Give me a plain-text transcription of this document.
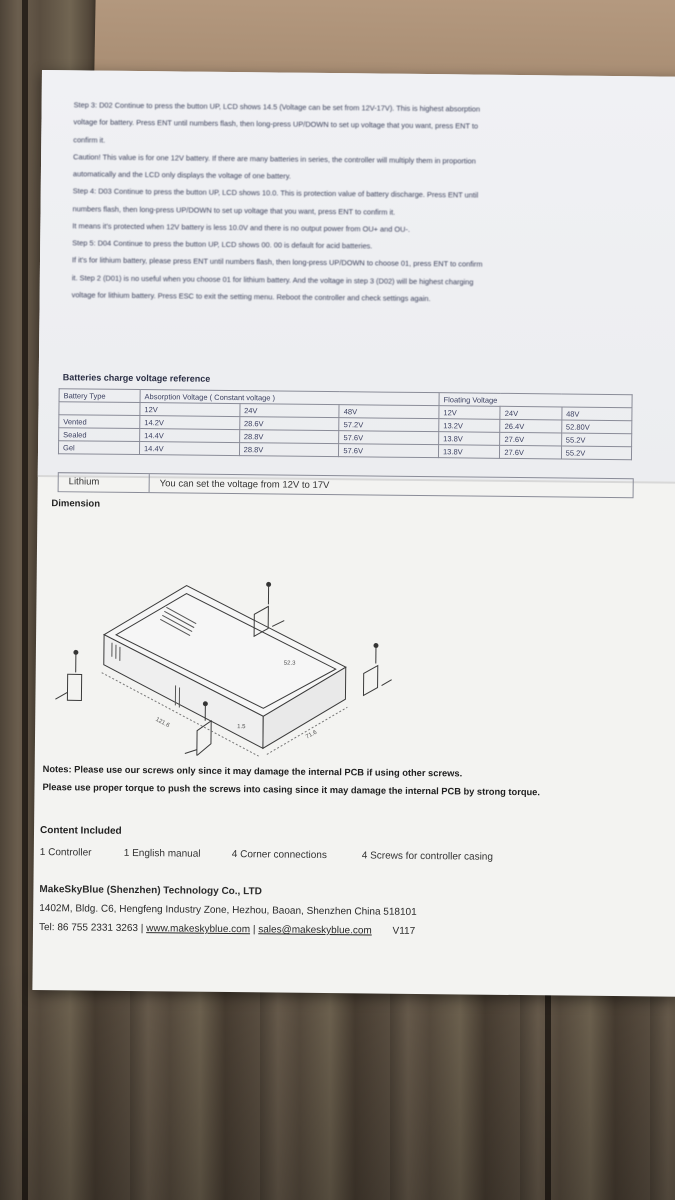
Step 3: D02 Continue to press the button UP, LCD shows 14.5 (Voltage can be set from 12V-17V). This is highest absorption

voltage for battery. Press ENT until numbers flash, then long-press UP/DOWN to set up voltage that you want, press ENT to

confirm it.

Caution! This value is for one 12V battery. If there are many batteries in series, the controller will multiply them in proportion

automatically and the LCD only displays the voltage of one battery.

Step 4: D03 Continue to press the button UP, LCD shows 10.0. This is protection value of battery discharge. Press ENT until

numbers flash, then long-press UP/DOWN to set up voltage that you want, press ENT to confirm it.

It means it's protected when 12V battery is less 10.0V and there is no output power from OU+ and OU-.

Step 5: D04 Continue to press the button UP, LCD shows 00. 00 is default for acid batteries.

If it's for lithium battery, please press ENT until numbers flash, then long-press UP/DOWN to choose 01, press ENT to confirm

it. Step 2 (D01) is no useful when you choose 01 for lithium battery. And the voltage in step 3 (D02) will be highest charging

voltage for lithium battery. Press ESC to exit the setting menu. Reboot the controller and check settings again.

Batteries charge voltage reference
Battery Type	Absorption Voltage ( Constant voltage )			Floating Voltage		
	12V	24V	48V	12V	24V	48V
Vented	14.2V	28.6V	57.2V	13.2V	26.4V	52.80V
Sealed	14.4V	28.8V	57.6V	13.8V	27.6V	55.2V
Gel	14.4V	28.8V	57.6V	13.8V	27.6V	55.2V
Lithium	You can set the voltage from 12V to 17V
Dimension
121.6
52.3
71.6
1.5
Notes: Please use our screws only since it may damage the internal PCB if using other screws.
Please use proper torque to push the screws into casing since it may damage the internal PCB by strong torque.
Content Included
1 Controller	1 English manual	4 Corner connections	4 Screws for controller casing
MakeSkyBlue (Shenzhen) Technology Co., LTD
1402M, Bldg. C6, Hengfeng Industry Zone, Hezhou, Baoan, Shenzhen China 518101
Tel: 86 755 2331 3263 | www.makeskyblue.com | sales@makeskyblue.com V117
